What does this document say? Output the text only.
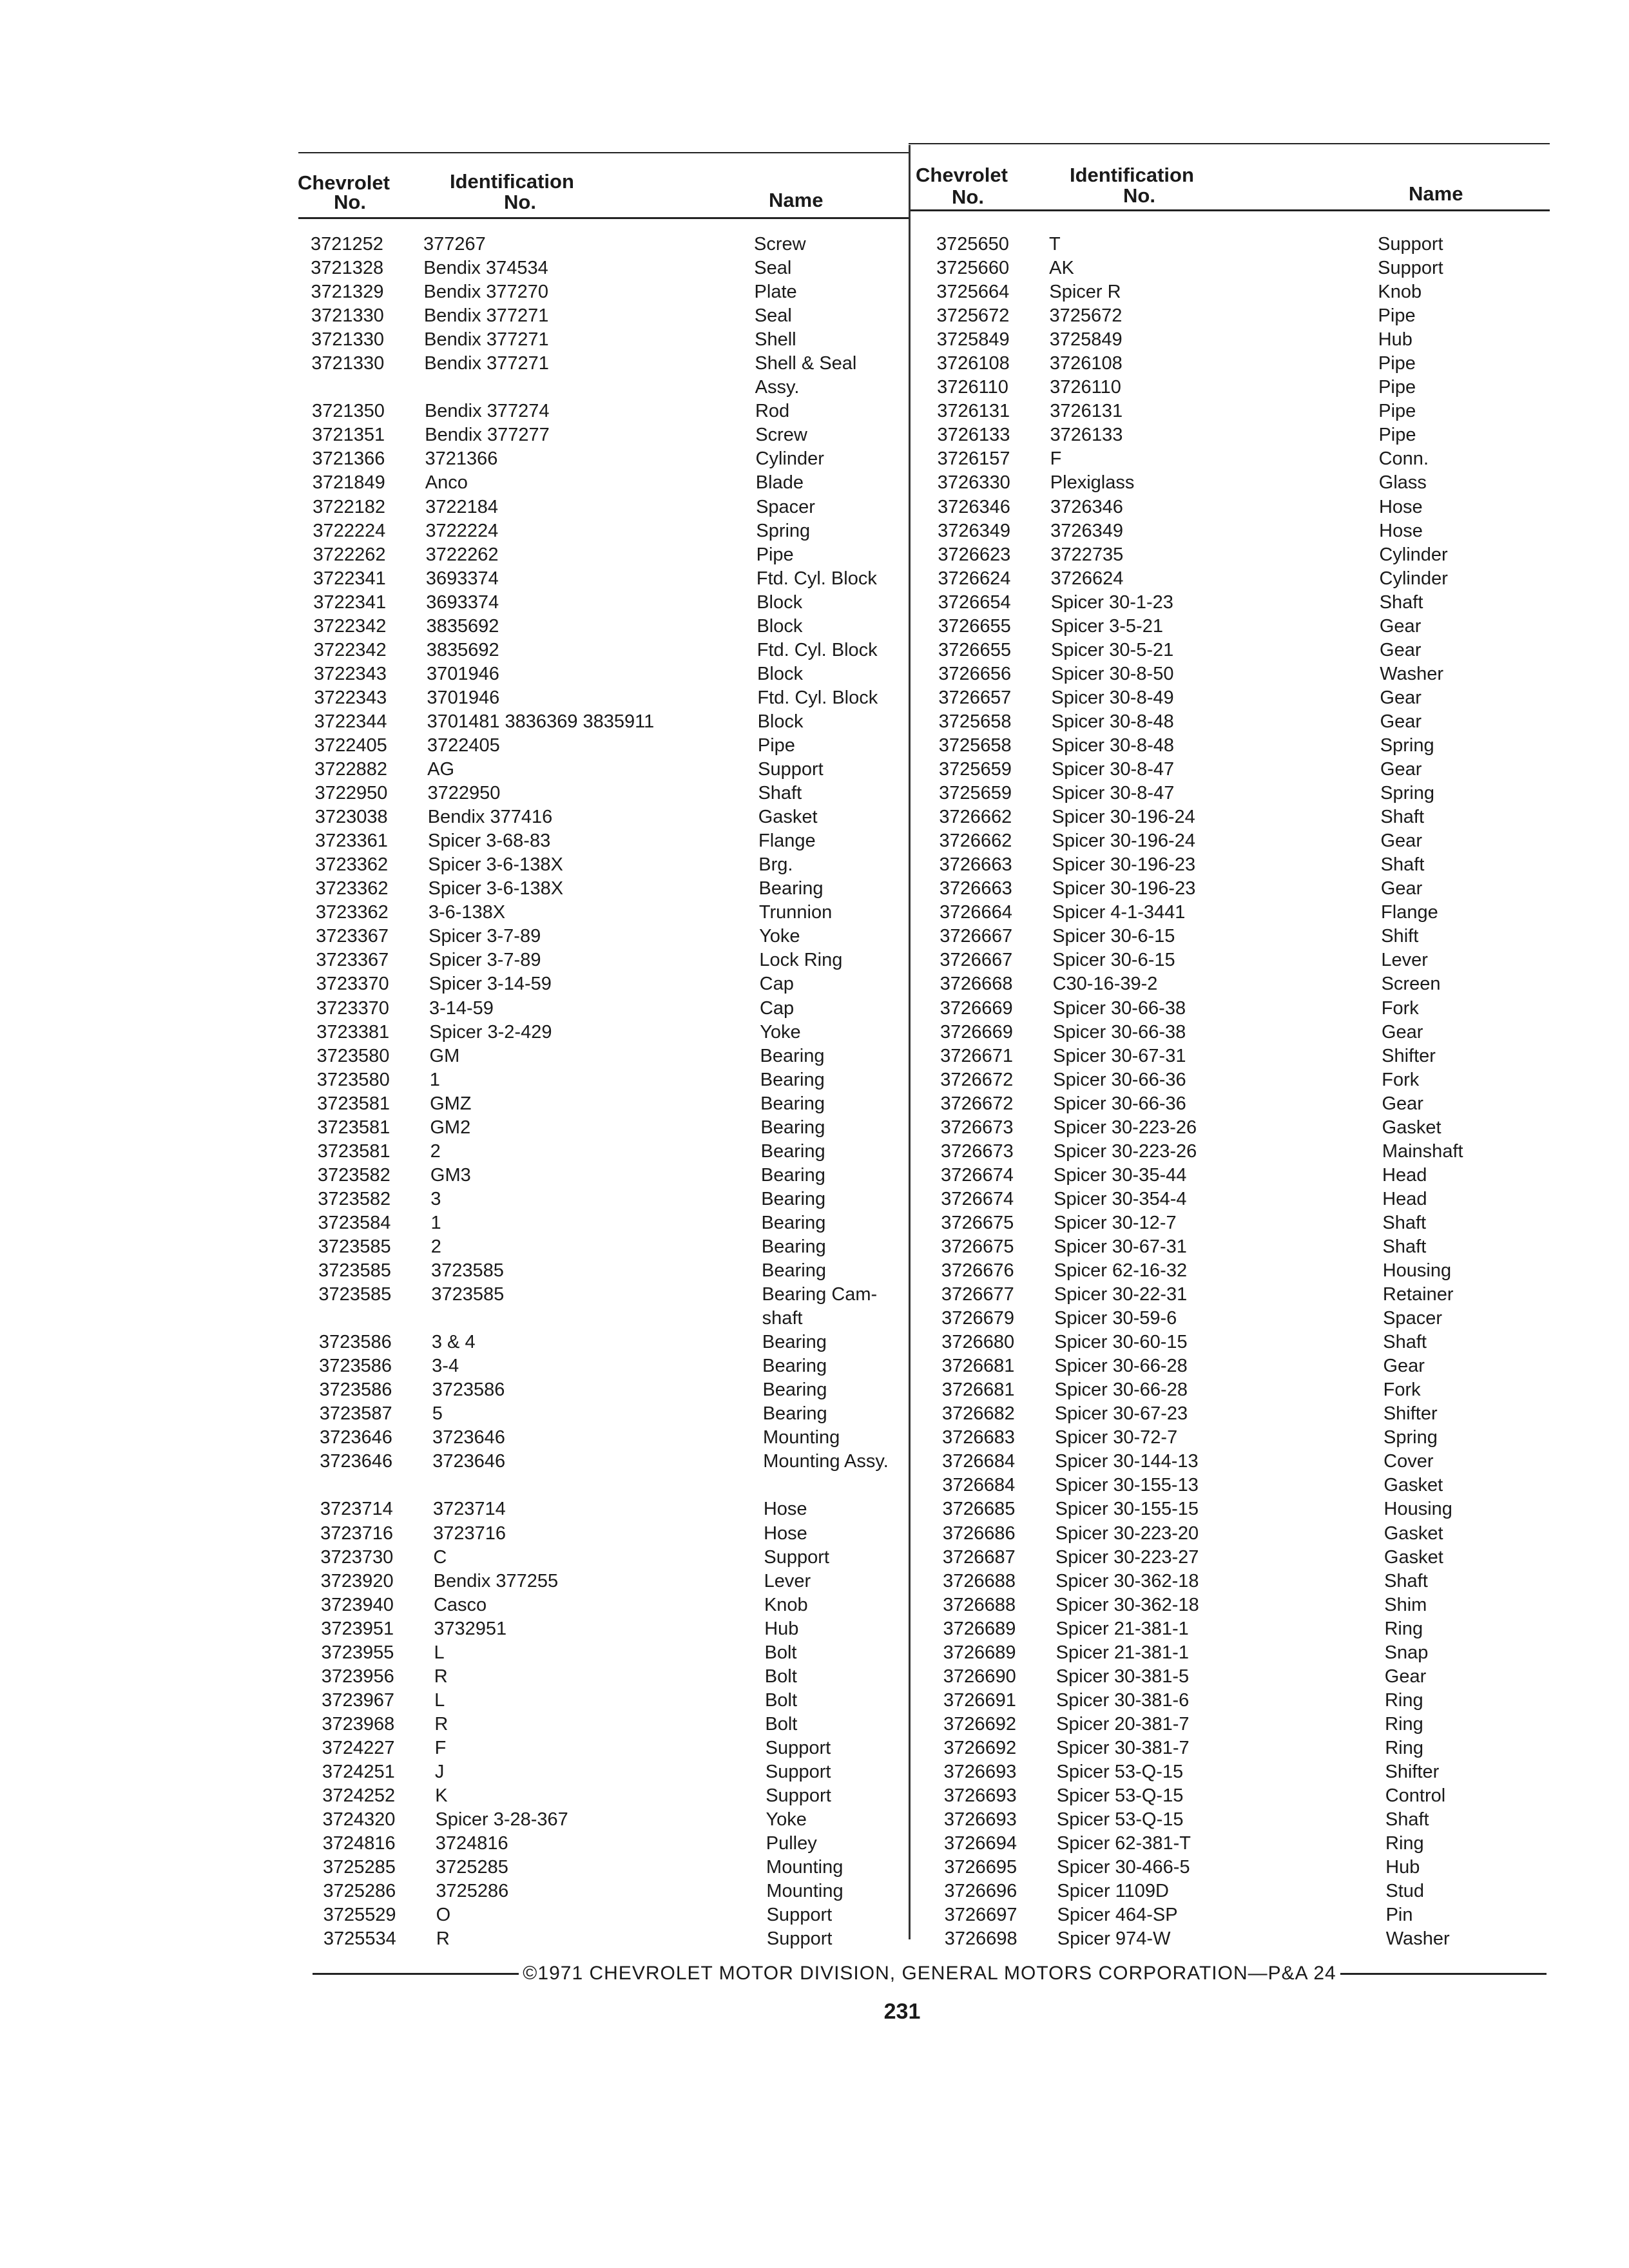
Chevrolet
No.
Identification
No.	Name
Chevrolet
No.
Identification
No.	Name
3721252 377267	Screw
3721328 Bendix 374534	Seal
3721329 Bendix 377270	Plate
3721330 Bendix 377271	Seal
3721330 Bendix 377271	Shell
3721330 Bendix 377271	Shell & Seal
Assy.
3721350 Bendix 377274	Rod
3721351 Bendix 377277	Screw
3721366 3721366	Cylinder
3721849 Anco	Blade
3722182 3722184	Spacer
3722224 3722224	Spring
3722262 3722262	Pipe
3722341 3693374	Ftd. Cyl. Block
3722341 3693374	Block
3722342 3835692	Block
3722342 3835692	Ftd. Cyl. Block
3722343 3701946	Block
3722343 3701946	Ftd. Cyl. Block
3722344 3701481 3836369 3835911	Block
3722405 3722405	Pipe
3722882 AG	Support
3722950 3722950	Shaft
3723038 Bendix 377416	Gasket
3723361 Spicer 3-68-83	Flange
3723362 Spicer 3-6-138X	Brg.
3723362 Spicer 3-6-138X	Bearing
3723362 3-6-138X	Trunnion
3723367 Spicer 3-7-89	Yoke
3723367 Spicer 3-7-89	Lock Ring
3723370 Spicer 3-14-59	Cap
3723370 3-14-59	Cap
3723381 Spicer 3-2-429	Yoke
3723580 GM	Bearing
3723580 1	Bearing
3723581 GMZ	Bearing
3723581 GM2	Bearing
3723581 2	Bearing
3723582 GM3	Bearing
3723582 3	Bearing
3723584 1	Bearing
3723585 2	Bearing
3723585 3723585	Bearing
3723585 3723585	Bearing Cam-
shaft
3723586 3 & 4	Bearing
3723586 3-4	Bearing
3723586 3723586	Bearing
3723587 5	Bearing
3723646 3723646	Mounting
3723646 3723646	Mounting Assy.
3723714 3723714	Hose
3723716 3723716	Hose
3723730 C	Support
3723920 Bendix 377255	Lever
3723940 Casco	Knob
3723951 3732951	Hub
3723955 L	Bolt
3723956 R	Bolt
3723967 L	Bolt
3723968 R	Bolt
3724227 F	Support
3724251 J	Support
3724252 K	Support
3724320 Spicer 3-28-367	Yoke
3724816 3724816	Pulley
3725285 3725285	Mounting
3725286 3725286	Mounting
3725529 O	Support
3725534 R	Support
3725650 T	Support
3725660 AK	Support
3725664 Spicer R	Knob
3725672 3725672	Pipe
3725849 3725849	Hub
3726108 3726108	Pipe
3726110 3726110	Pipe
3726131 3726131	Pipe
3726133 3726133	Pipe
3726157 F	Conn.
3726330 Plexiglass	Glass
3726346 3726346	Hose
3726349 3726349	Hose
3726623 3722735	Cylinder
3726624 3726624	Cylinder
3726654 Spicer 30-1-23	Shaft
3726655 Spicer 3-5-21	Gear
3726655 Spicer 30-5-21	Gear
3726656 Spicer 30-8-50	Washer
3726657 Spicer 30-8-49	Gear
3725658 Spicer 30-8-48	Gear
3725658 Spicer 30-8-48	Spring
3725659 Spicer 30-8-47	Gear
3725659 Spicer 30-8-47	Spring
3726662 Spicer 30-196-24	Shaft
3726662 Spicer 30-196-24	Gear
3726663 Spicer 30-196-23	Shaft
3726663 Spicer 30-196-23	Gear
3726664 Spicer 4-1-3441	Flange
3726667 Spicer 30-6-15	Shift
3726667 Spicer 30-6-15	Lever
3726668 C30-16-39-2	Screen
3726669 Spicer 30-66-38	Fork
3726669 Spicer 30-66-38	Gear
3726671 Spicer 30-67-31	Shifter
3726672 Spicer 30-66-36	Fork
3726672 Spicer 30-66-36	Gear
3726673 Spicer 30-223-26	Gasket
3726673 Spicer 30-223-26	Mainshaft
3726674 Spicer 30-35-44	Head
3726674 Spicer 30-354-4	Head
3726675 Spicer 30-12-7	Shaft
3726675 Spicer 30-67-31	Shaft
3726676 Spicer 62-16-32	Housing
3726677 Spicer 30-22-31	Retainer
3726679 Spicer 30-59-6	Spacer
3726680 Spicer 30-60-15	Shaft
3726681 Spicer 30-66-28	Gear
3726681 Spicer 30-66-28	Fork
3726682 Spicer 30-67-23	Shifter
3726683 Spicer 30-72-7	Spring
3726684 Spicer 30-144-13	Cover
3726684 Spicer 30-155-13	Gasket
3726685 Spicer 30-155-15	Housing
3726686 Spicer 30-223-20	Gasket
3726687 Spicer 30-223-27	Gasket
3726688 Spicer 30-362-18	Shaft
3726688 Spicer 30-362-18	Shim
3726689 Spicer 21-381-1	Ring
3726689 Spicer 21-381-1	Snap
3726690 Spicer 30-381-5	Gear
3726691 Spicer 30-381-6	Ring
3726692 Spicer 20-381-7	Ring
3726692 Spicer 30-381-7	Ring
3726693 Spicer 53-Q-15	Shifter
3726693 Spicer 53-Q-15	Control
3726693 Spicer 53-Q-15	Shaft
3726694 Spicer 62-381-T	Ring
3726695 Spicer 30-466-5	Hub
3726696 Spicer 1109D	Stud
3726697 Spicer 464-SP	Pin
3726698 Spicer 974-W	Washer
©1971 CHEVROLET MOTOR DIVISION, GENERAL MOTORS CORPORATION—P&A 24
231
